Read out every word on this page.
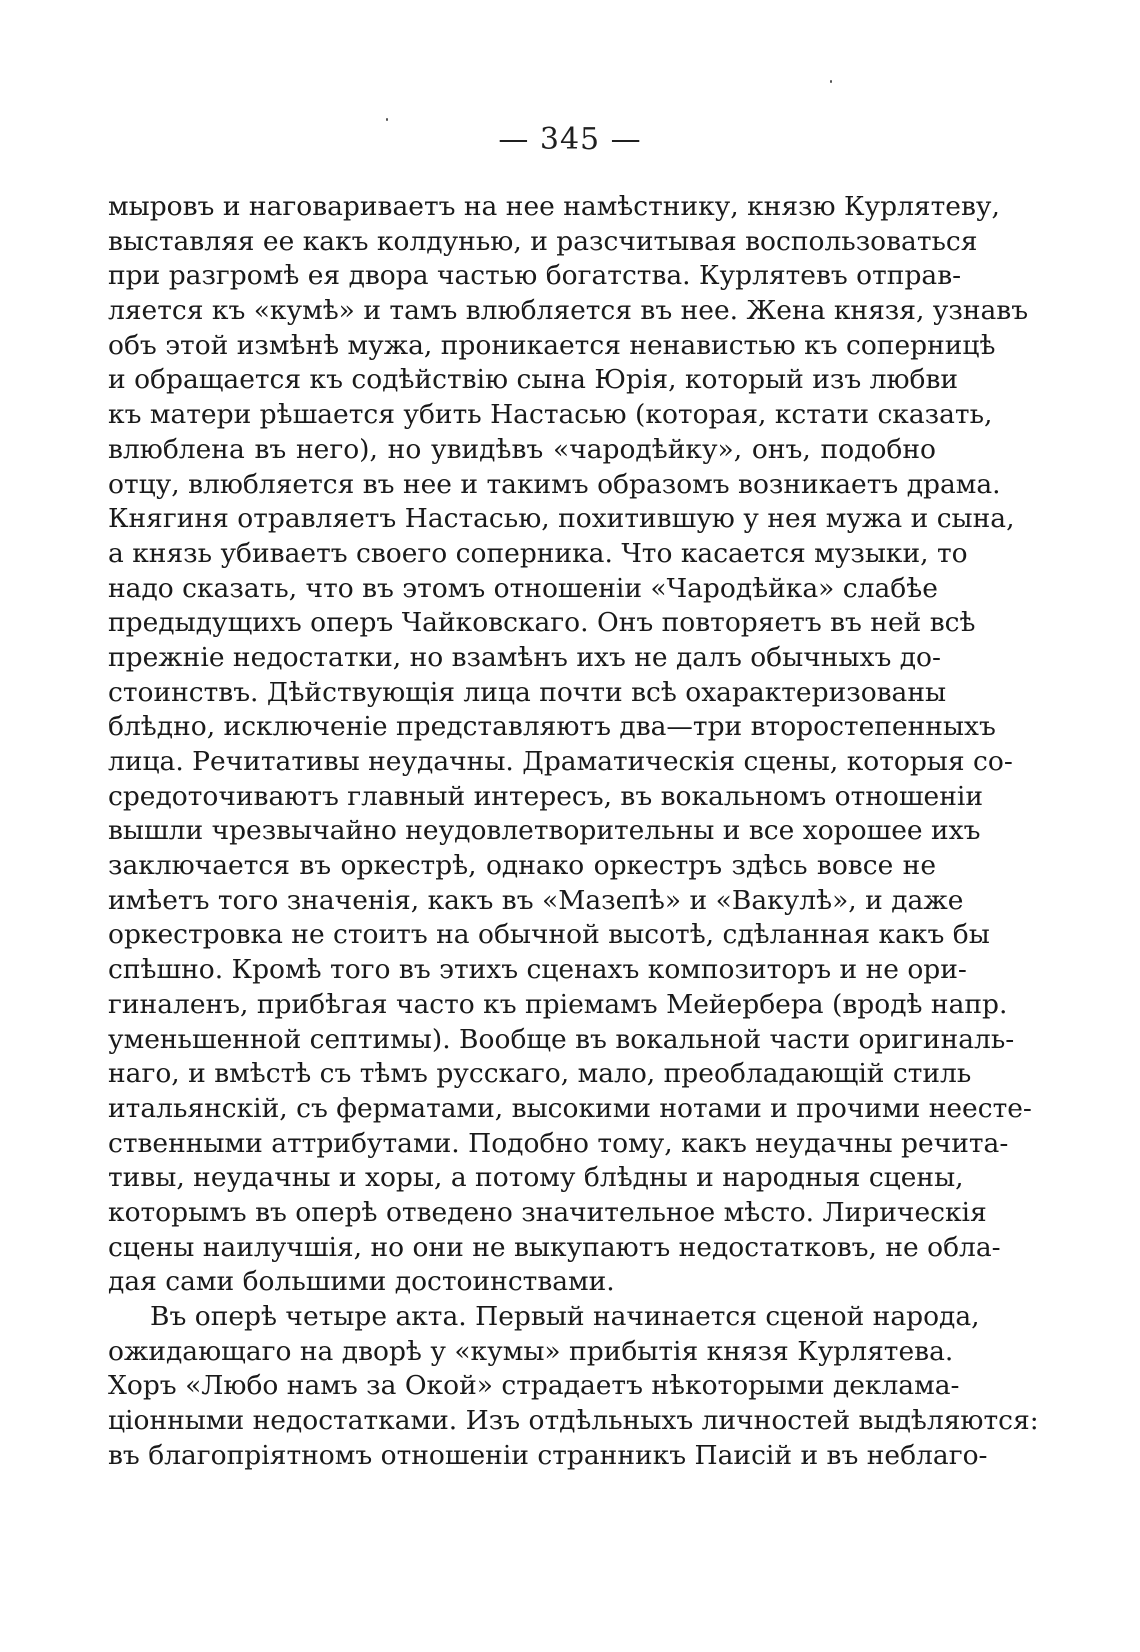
— 345 —
мыровъ и наговариваетъ на нее намѣстнику, князю Курлятеву,
выставляя ее какъ колдунью, и разсчитывая воспользоваться
при разгромѣ ея двора частью богатства. Курлятевъ отправ-
ляется къ «кумѣ» и тамъ влюбляется въ нее. Жена князя, узнавъ
объ этой измѣнѣ мужа, проникается ненавистью къ соперницѣ
и обращается къ содѣйствію сына Юрія, который изъ любви
къ матери рѣшается убить Настасью (которая, кстати сказать,
влюблена въ него), но увидѣвъ «чародѣйку», онъ, подобно
отцу, влюбляется въ нее и такимъ образомъ возникаетъ драма.
Княгиня отравляетъ Настасью, похитившую у нея мужа и сына,
а князь убиваетъ своего соперника. Что касается музыки, то
надо сказать, что въ этомъ отношеніи «Чародѣйка» слабѣе
предыдущихъ оперъ Чайковскаго. Онъ повторяетъ въ ней всѣ
прежніе недостатки, но взамѣнъ ихъ не далъ обычныхъ до-
стоинствъ. Дѣйствующія лица почти всѣ охарактеризованы
блѣдно, исключеніе представляютъ два—три второстепенныхъ
лица. Речитативы неудачны. Драматическія сцены, которыя со-
средоточиваютъ главный интересъ, въ вокальномъ отношеніи
вышли чрезвычайно неудовлетворительны и все хорошее ихъ
заключается въ оркестрѣ, однако оркестръ здѣсь вовсе не
имѣетъ того значенія, какъ въ «Мазепѣ» и «Вакулѣ», и даже
оркестровка не стоитъ на обычной высотѣ, сдѣланная какъ бы
спѣшно. Кромѣ того въ этихъ сценахъ композиторъ и не ори-
гиналенъ, прибѣгая часто къ пріемамъ Мейербера (вродѣ напр.
уменьшенной септимы). Вообще въ вокальной части оригиналь-
наго, и вмѣстѣ съ тѣмъ русскаго, мало, преобладающій стиль
итальянскій, съ ферматами, высокими нотами и прочими неесте-
ственными аттрибутами. Подобно тому, какъ неудачны речита-
тивы, неудачны и хоры, а потому блѣдны и народныя сцены,
которымъ въ оперѣ отведено значительное мѣсто. Лирическія
сцены наилучшія, но они не выкупаютъ недостатковъ, не обла-
дая сами большими достоинствами.
Въ оперѣ четыре акта. Первый начинается сценой народа,
ожидающаго на дворѣ у «кумы» прибытія князя Курлятева.
Хоръ «Любо намъ за Окой» страдаетъ нѣкоторыми деклама-
ціонными недостатками. Изъ отдѣльныхъ личностей выдѣляются:
въ благопріятномъ отношеніи странникъ Паисій и въ неблаго-
